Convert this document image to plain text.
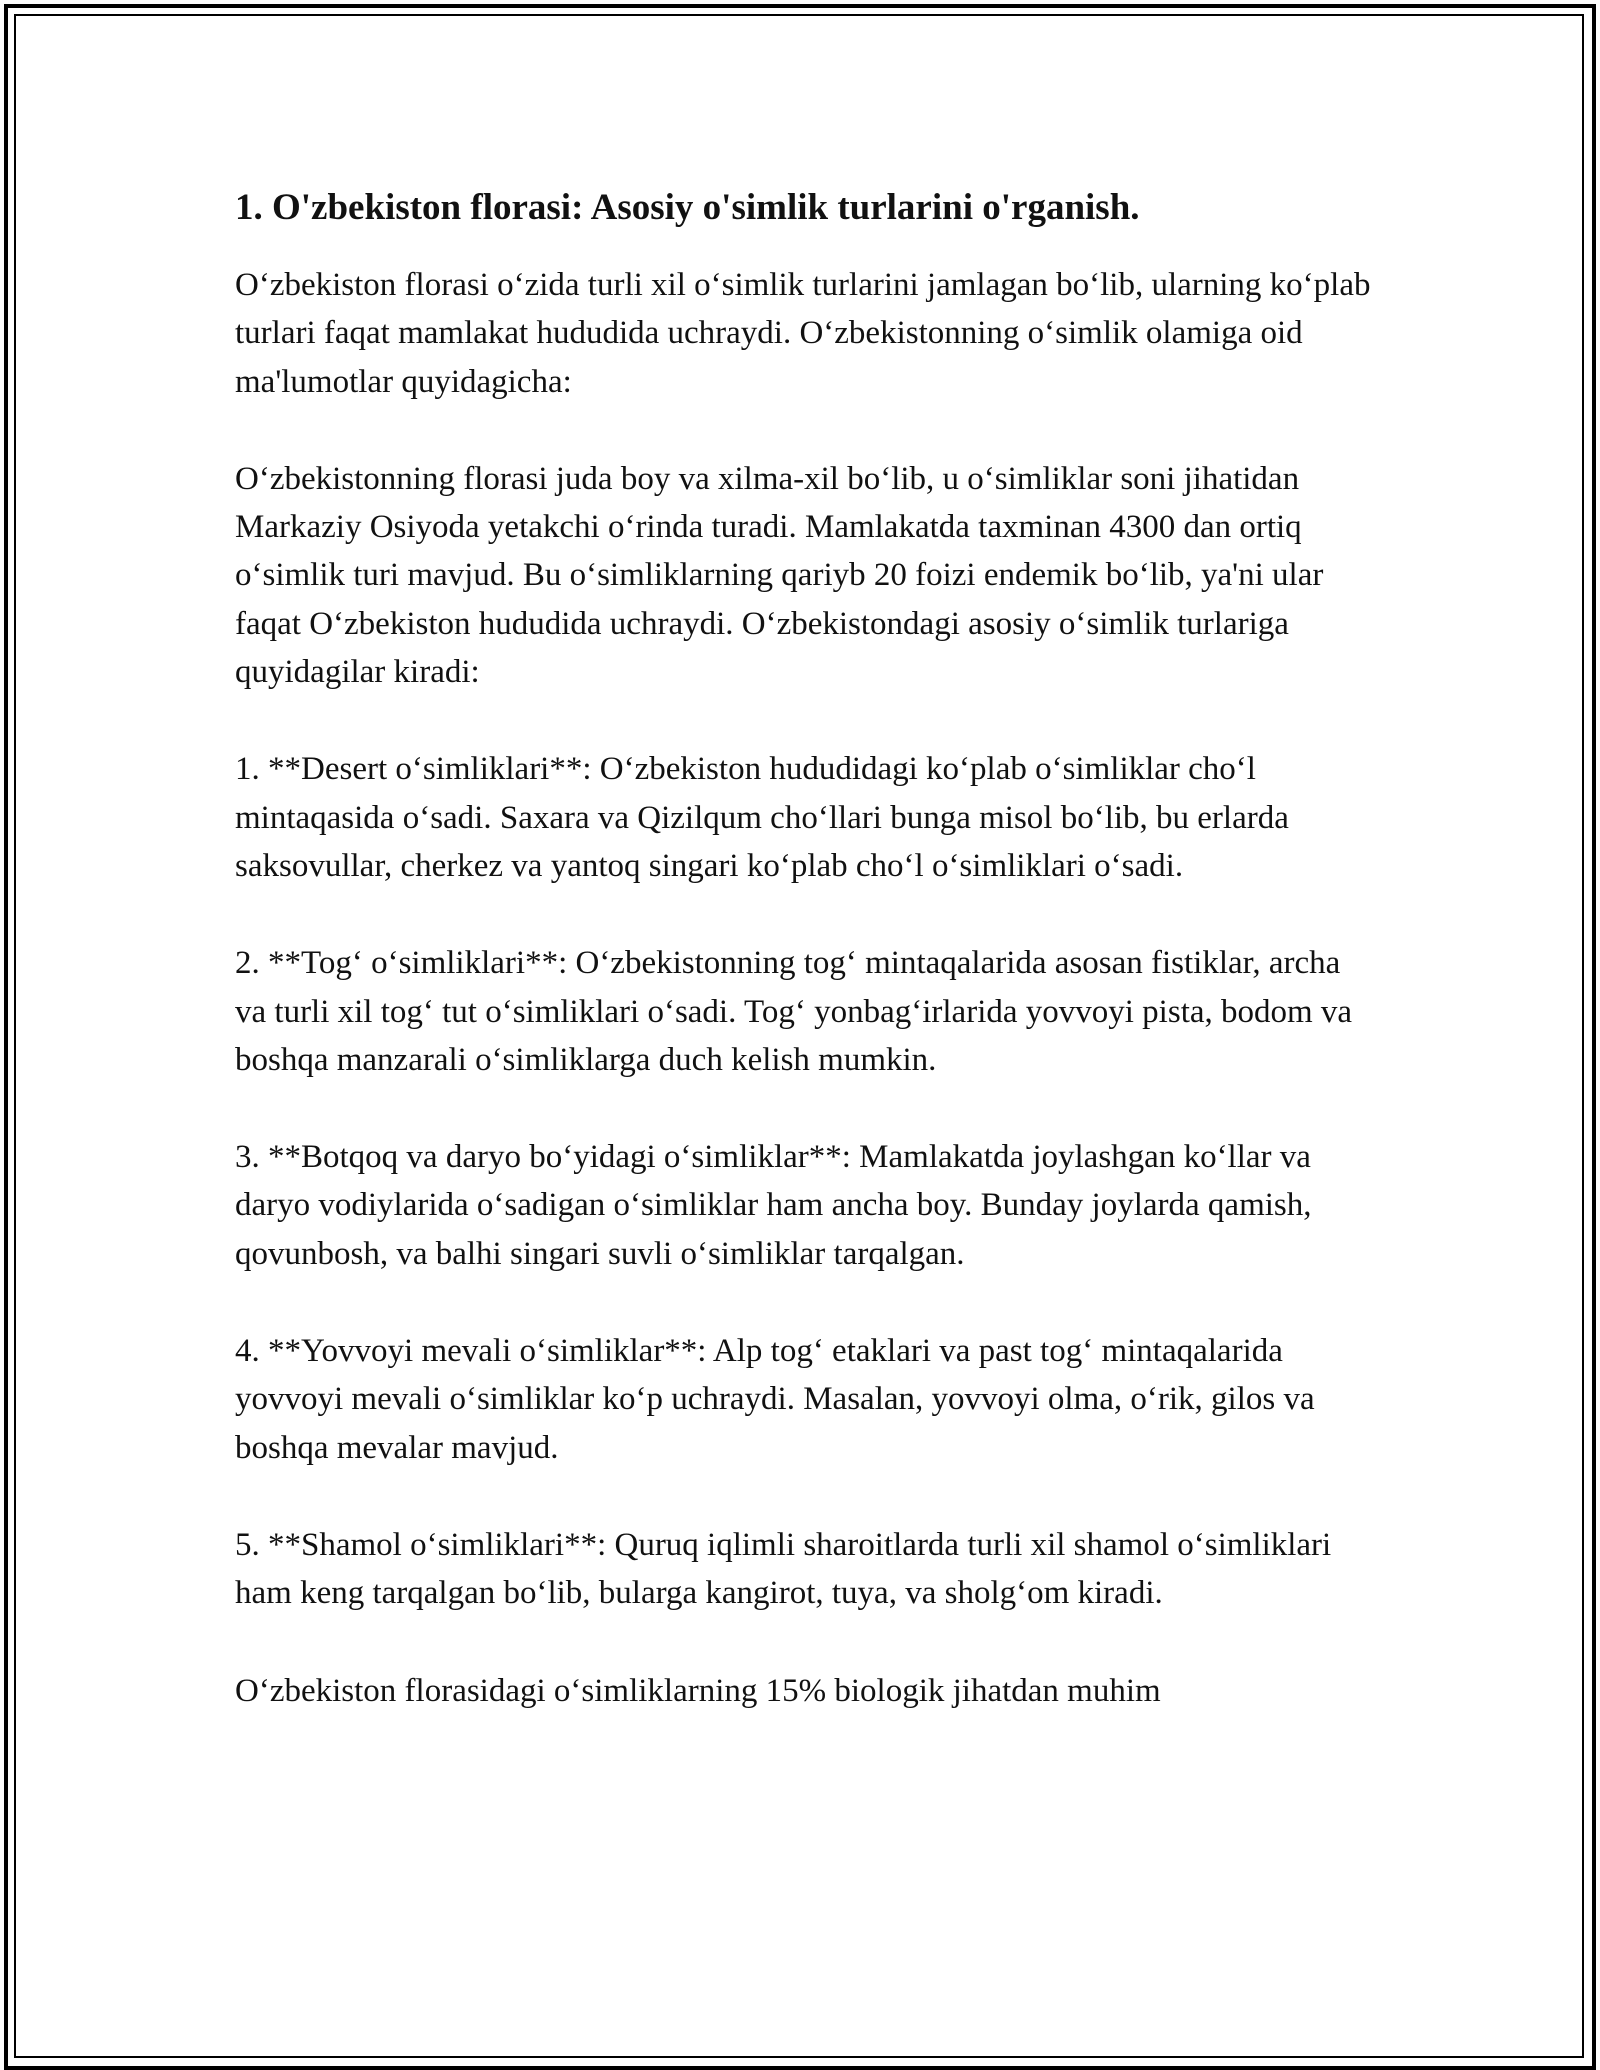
1. O'zbekiston florasi: Asosiy o'simlik turlarini o'rganish.

O‘zbekiston florasi o‘zida turli xil o‘simlik turlarini jamlagan bo‘lib, ularning ko‘plab turlari faqat mamlakat hududida uchraydi. O‘zbekistonning o‘simlik olamiga oid ma'lumotlar quyidagicha:

O‘zbekistonning florasi juda boy va xilma-xil bo‘lib, u o‘simliklar soni jihatidan Markaziy Osiyoda yetakchi o‘rinda turadi. Mamlakatda taxminan 4300 dan ortiq o‘simlik turi mavjud. Bu o‘simliklarning qariyb 20 foizi endemik bo‘lib, ya'ni ular faqat O‘zbekiston hududida uchraydi. O‘zbekistondagi asosiy o‘simlik turlariga quyidagilar kiradi:

1. **Desert o‘simliklari**: O‘zbekiston hududidagi ko‘plab o‘simliklar cho‘l mintaqasida o‘sadi. Saxara va Qizilqum cho‘llari bunga misol bo‘lib, bu erlarda saksovullar, cherkez va yantoq singari ko‘plab cho‘l o‘simliklari o‘sadi.

2. **Tog‘ o‘simliklari**: O‘zbekistonning tog‘ mintaqalarida asosan fistiklar, archa va turli xil tog‘ tut o‘simliklari o‘sadi. Tog‘ yonbag‘irlarida yovvoyi pista, bodom va boshqa manzarali o‘simliklarga duch kelish mumkin.

3. **Botqoq va daryo bo‘yidagi o‘simliklar**: Mamlakatda joylashgan ko‘llar va daryo vodiylarida o‘sadigan o‘simliklar ham ancha boy. Bunday joylarda qamish, qovunbosh, va balhi singari suvli o‘simliklar tarqalgan.

4. **Yovvoyi mevali o‘simliklar**: Alp tog‘ etaklari va past tog‘ mintaqalarida yovvoyi mevali o‘simliklar ko‘p uchraydi. Masalan, yovvoyi olma, o‘rik, gilos va boshqa mevalar mavjud.

5. **Shamol o‘simliklari**: Quruq iqlimli sharoitlarda turli xil shamol o‘simliklari ham keng tarqalgan bo‘lib, bularga kangirot, tuya, va sholg‘om kiradi.

O‘zbekiston florasidagi o‘simliklarning 15% biologik jihatdan muhim
